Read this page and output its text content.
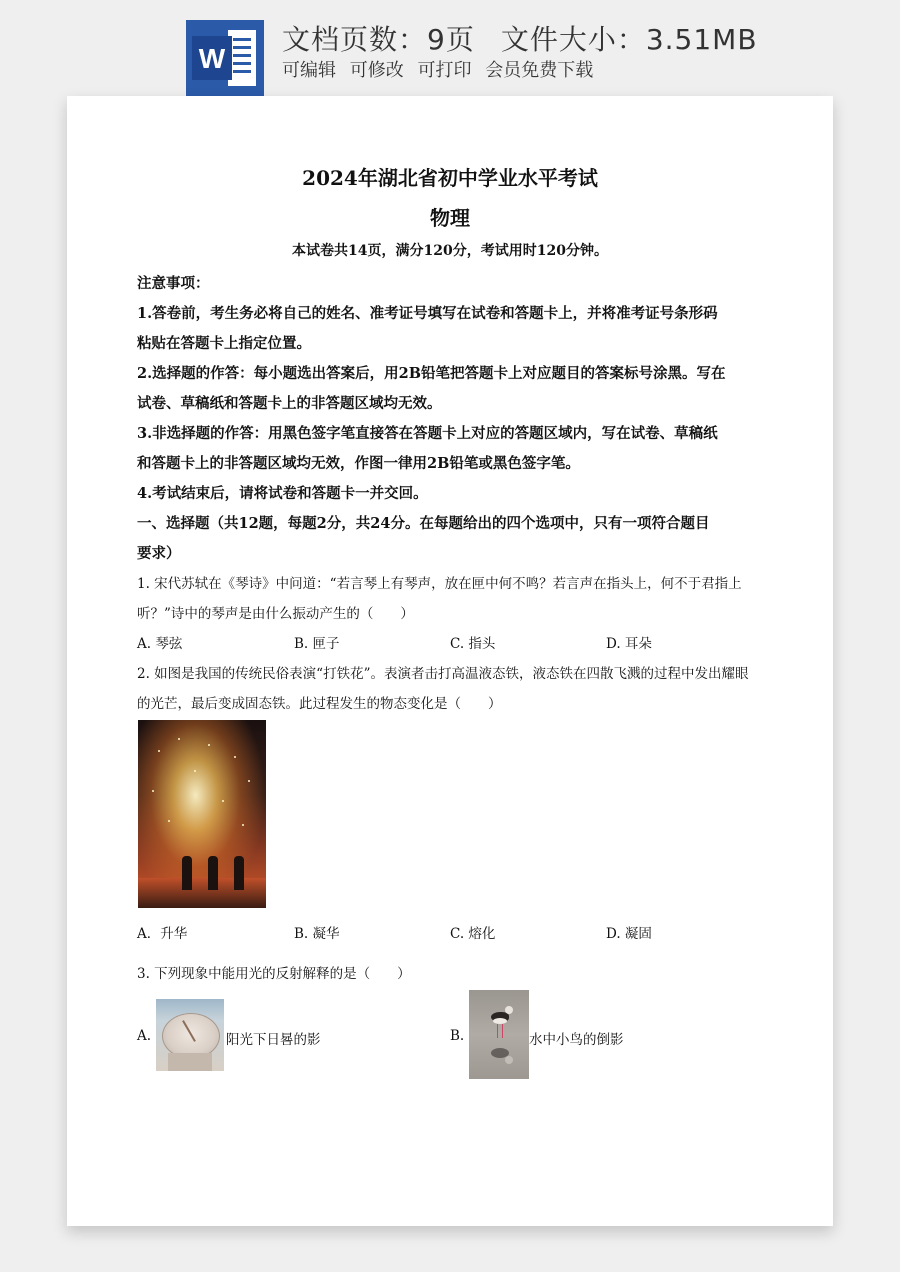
W
文档页数：9页 文件大小：3.51MB
可编辑 可修改 可打印 会员免费下载
2024年湖北省初中学业水平考试
物理
本试卷共14页，满分120分，考试用时120分钟。
注意事项：
1.答卷前，考生务必将自己的姓名、准考证号填写在试卷和答题卡上，并将准考证号条形码
粘贴在答题卡上指定位置。
2.选择题的作答：每小题选出答案后，用2B铅笔把答题卡上对应题目的答案标号涂黑。写在
试卷、草稿纸和答题卡上的非答题区域均无效。
3.非选择题的作答：用黑色签字笔直接答在答题卡上对应的答题区域内，写在试卷、草稿纸
和答题卡上的非答题区域均无效，作图一律用2B铅笔或黑色签字笔。
4.考试结束后，请将试卷和答题卡一并交回。
一、选择题（共12题，每题2分，共24分。在每题给出的四个选项中，只有一项符合题目
要求）
1. 宋代苏轼在《琴诗》中问道：“若言琴上有琴声，放在匣中何不鸣？若言声在指头上，何不于君指上
听？”诗中的琴声是由什么振动产生的（　　）
A. 琴弦	B. 匣子	C. 指头	D. 耳朵
2. 如图是我国的传统民俗表演“打铁花”。表演者击打高温液态铁，液态铁在四散飞溅的过程中发出耀眼
的光芒，最后变成固态铁。此过程发生的物态变化是（　　）
A．升华	B. 凝华	C. 熔化	D. 凝固
3. 下列现象中能用光的反射解释的是（　　）
A.	阳光下日晷的影	B.	水中小鸟的倒影
